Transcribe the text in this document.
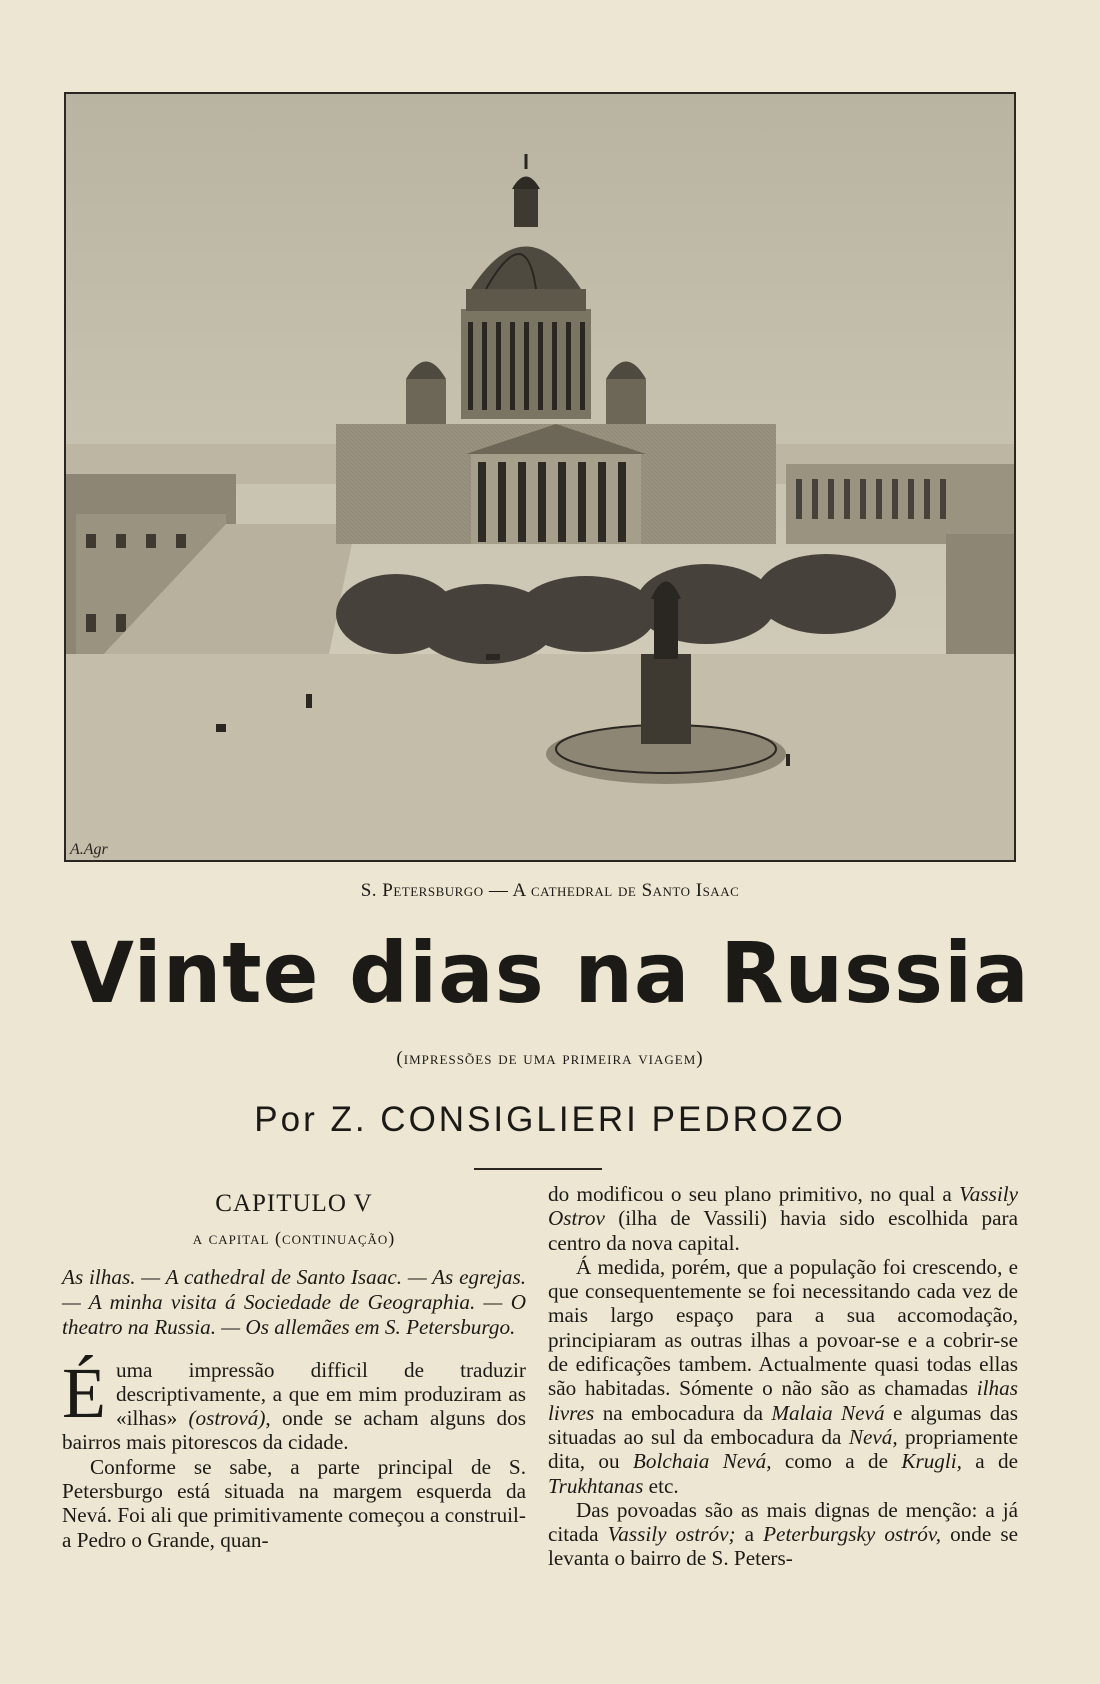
A.Agr
S. Petersburgo — A cathedral de Santo Isaac
Vinte dias na Russia
(impressões de uma primeira viagem)
Por Z. CONSIGLIERI PEDROZO
CAPITULO V
a capital (continuação)
As ilhas. — A cathedral de Santo Isaac. — As egrejas. — A minha visita á Sociedade de Geographia. — O theatro na Russia. — Os allemães em S. Petersburgo.

Éuma impressão difficil de traduzir descriptivamente, a que em mim produziram as «ilhas» (ostrová), onde se acham alguns dos bairros mais pitorescos da cidade.

Conforme se sabe, a parte principal de S. Petersburgo está situada na margem esquerda da Nevá. Foi ali que primitivamente começou a construil-a Pedro o Grande, quan-

do modificou o seu plano primitivo, no qual a Vassily Ostrov (ilha de Vassili) havia sido escolhida para centro da nova capital.

Á medida, porém, que a população foi crescendo, e que consequentemente se foi necessitando cada vez de mais largo espaço para a sua accomodação, principiaram as outras ilhas a povoar-se e a cobrir-se de edificações tambem. Actualmente quasi todas ellas são habitadas. Sómente o não são as chamadas ilhas livres na embocadura da Malaia Nevá e algumas das situadas ao sul da embocadura da Nevá, propriamente dita, ou Bolchaia Nevá, como a de Krugli, a de Trukhtanas etc.

Das povoadas são as mais dignas de menção: a já citada Vassily ostróv; a Peterburgsky ostróv, onde se levanta o bairro de S. Peters-
